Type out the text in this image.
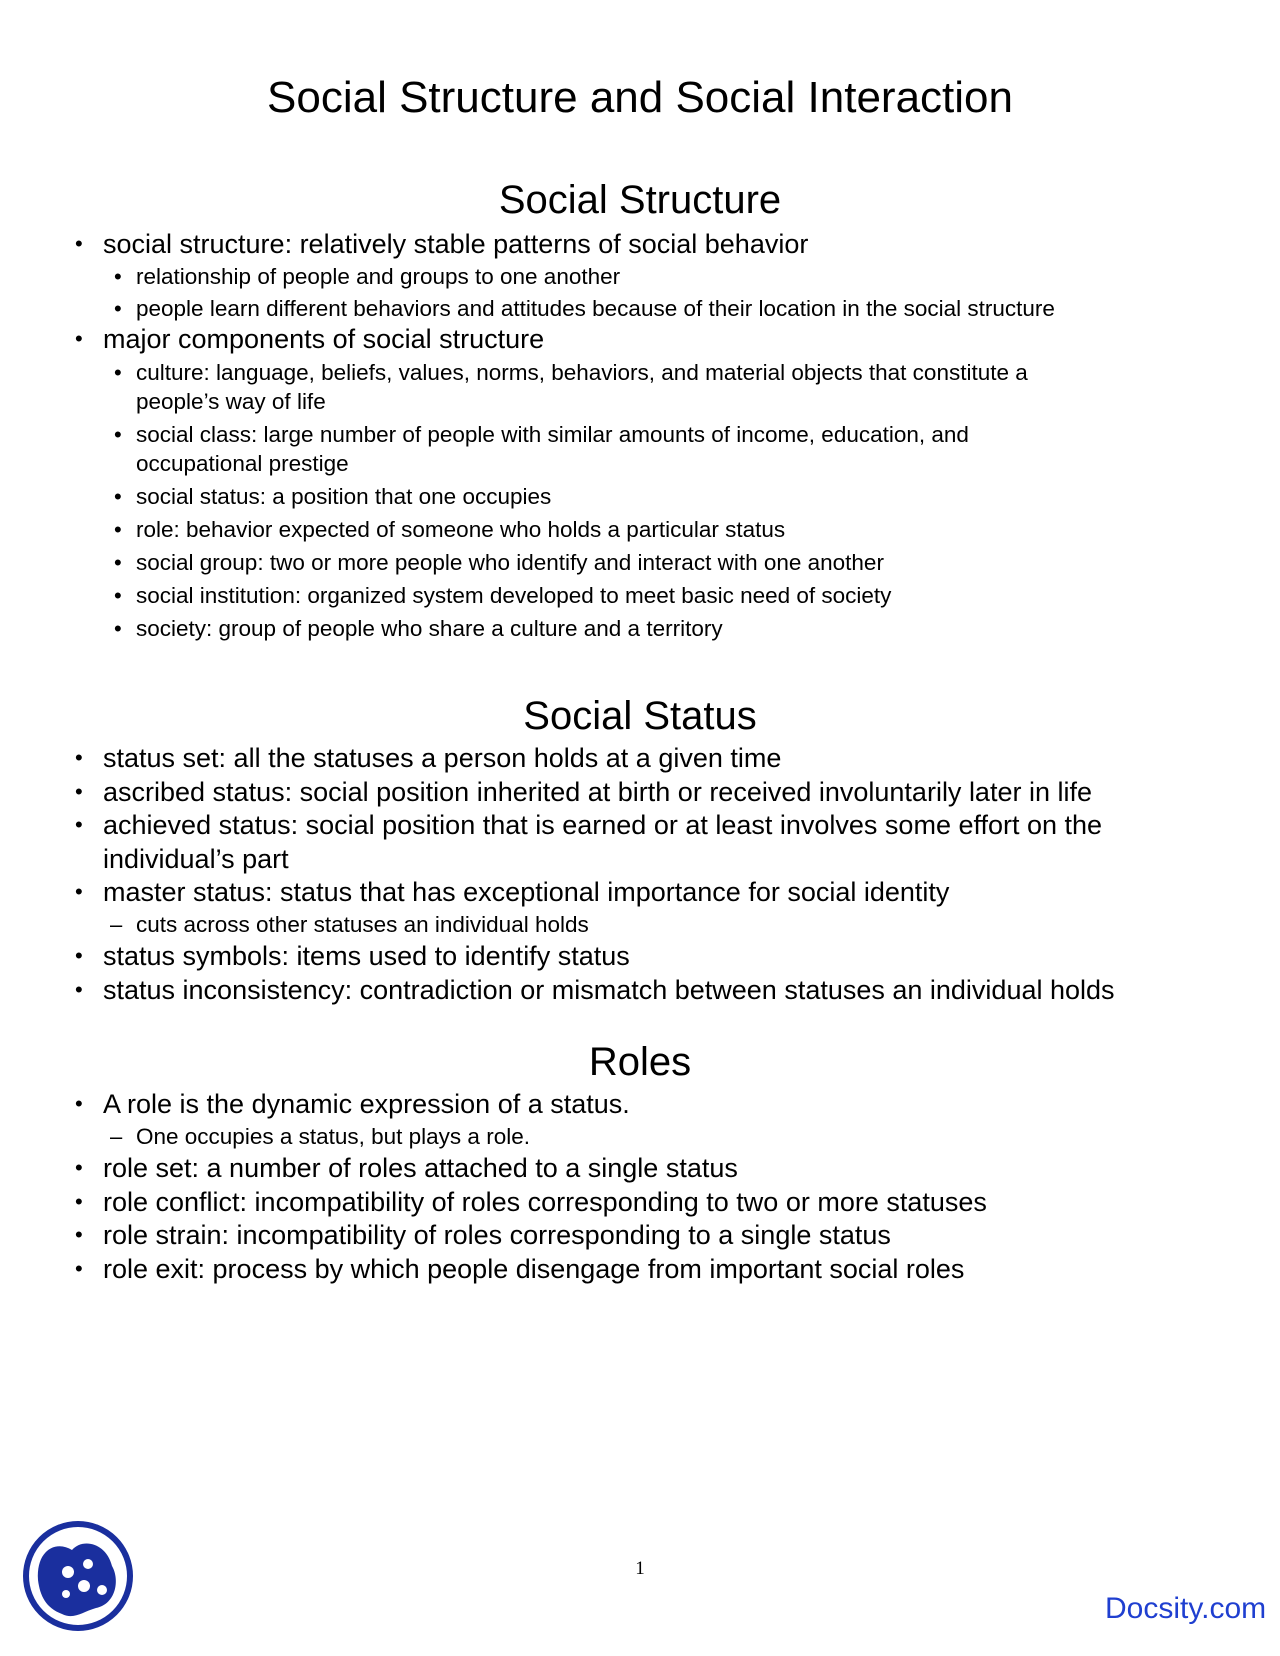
Social Structure and Social Interaction
Social Structure

• social structure: relatively stable patterns of social behavior

• relationship of people and groups to one another

• people learn different behaviors and attitudes because of their location in the social structure

• major components of social structure

• culture: language, beliefs, values, norms, behaviors, and material objects that constitute a

people’s way of life

• social class: large number of people with similar amounts of income, education, and

occupational prestige

• social status: a position that one occupies

• role: behavior expected of someone who holds a particular status

• social group: two or more people who identify and interact with one another

• social institution: organized system developed to meet basic need of society

• society: group of people who share a culture and a territory

Social Status

• status set: all the statuses a person holds at a given time

• ascribed status: social position inherited at birth or received involuntarily later in life

• achieved status: social position that is earned or at least involves some effort on the

individual’s part

• master status: status that has exceptional importance for social identity

– cuts across other statuses an individual holds

• status symbols: items used to identify status

• status inconsistency: contradiction or mismatch between statuses an individual holds

Roles

• A role is the dynamic expression of a status.

– One occupies a status, but plays a role.

• role set: a number of roles attached to a single status

• role conflict: incompatibility of roles corresponding to two or more statuses

• role strain: incompatibility of roles corresponding to a single status

• role exit: process by which people disengage from important social roles

1
Docsity.com
